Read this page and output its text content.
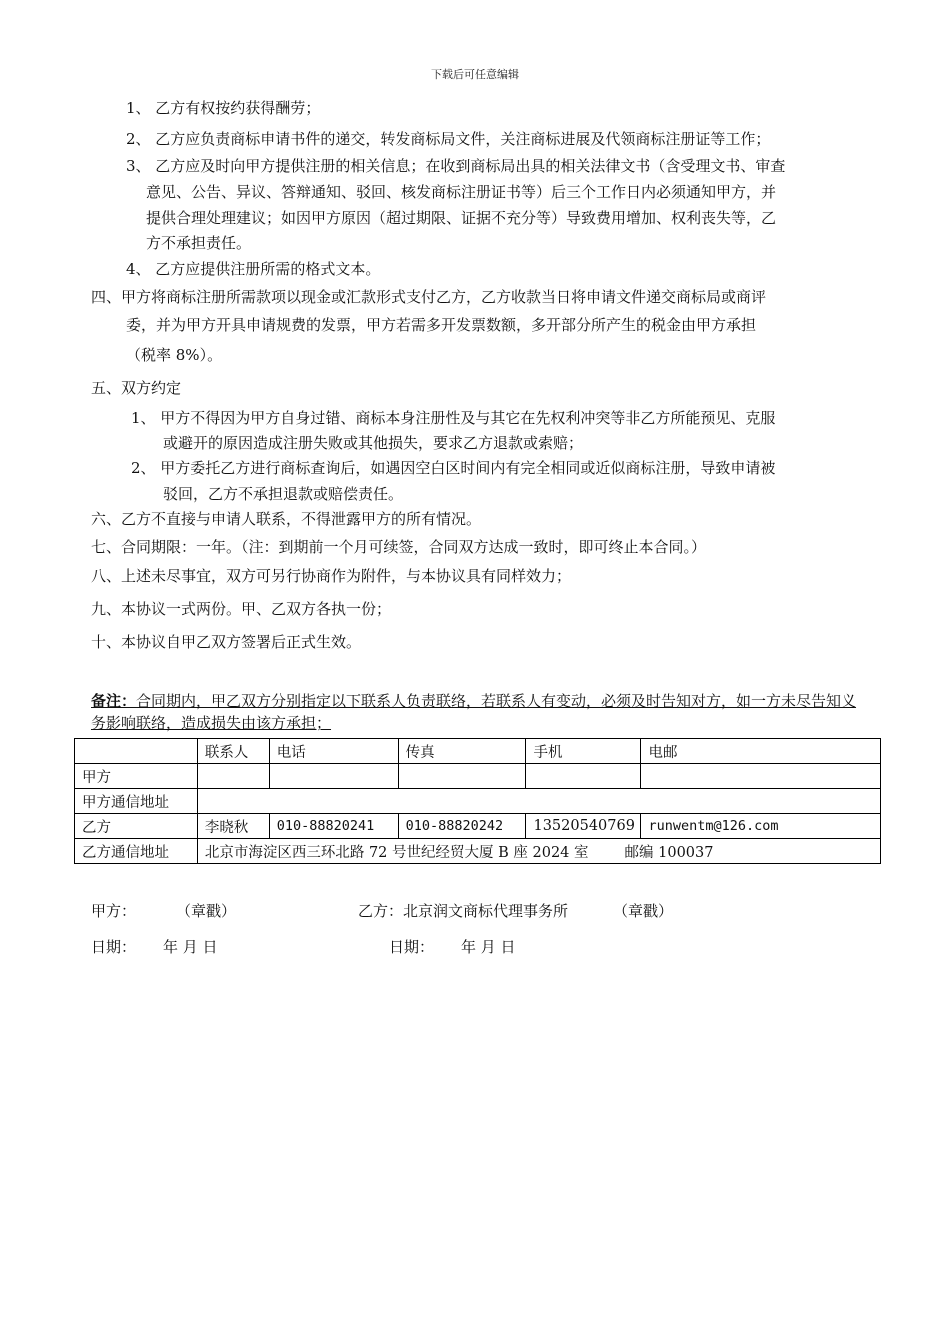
下载后可任意编辑
1、 乙方有权按约获得酬劳；
2、 乙方应负责商标申请书件的递交，转发商标局文件，关注商标进展及代领商标注册证等工作；
3、 乙方应及时向甲方提供注册的相关信息；在收到商标局出具的相关法律文书（含受理文书、审查
意见、公告、异议、答辩通知、驳回、核发商标注册证书等）后三个工作日内必须通知甲方，并
提供合理处理建议；如因甲方原因（超过期限、证据不充分等）导致费用增加、权利丧失等，乙
方不承担责任。
4、 乙方应提供注册所需的格式文本。
四、甲方将商标注册所需款项以现金或汇款形式支付乙方，乙方收款当日将申请文件递交商标局或商评
委，并为甲方开具申请规费的发票，甲方若需多开发票数额，多开部分所产生的税金由甲方承担
（税率 8%）。
五、双方约定
1、 甲方不得因为甲方自身过错、商标本身注册性及与其它在先权利冲突等非乙方所能预见、克服
或避开的原因造成注册失败或其他损失，要求乙方退款或索赔；
2、 甲方委托乙方进行商标查询后，如遇因空白区时间内有完全相同或近似商标注册，导致申请被
驳回，乙方不承担退款或赔偿责任。
六、乙方不直接与申请人联系，不得泄露甲方的所有情况。
七、合同期限：一年。（注：到期前一个月可续签，合同双方达成一致时，即可终止本合同。）
八、上述未尽事宜，双方可另行协商作为附件，与本协议具有同样效力；
九、本协议一式两份。甲、乙双方各执一份；
十、本协议自甲乙双方签署后正式生效。
备注：合同期内，甲乙双方分别指定以下联系人负责联络，若联系人有变动，必须及时告知对方，如一方未尽告知义务影响联络，造成损失由该方承担；
	联系人	电话	传真	手机	电邮
甲方					
甲方通信地址					
乙方	李晓秋	010-88820241	010-88820242	13520540769	runwentm@126.com
乙方通信地址	北京市海淀区西三环北路 72 号世纪经贸大厦 B 座 2024 室 邮编 100037				
甲方：	（章戳）	乙方：北京润文商标代理事务所	（章戳）
日期： 年 月 日	日期： 年 月 日
